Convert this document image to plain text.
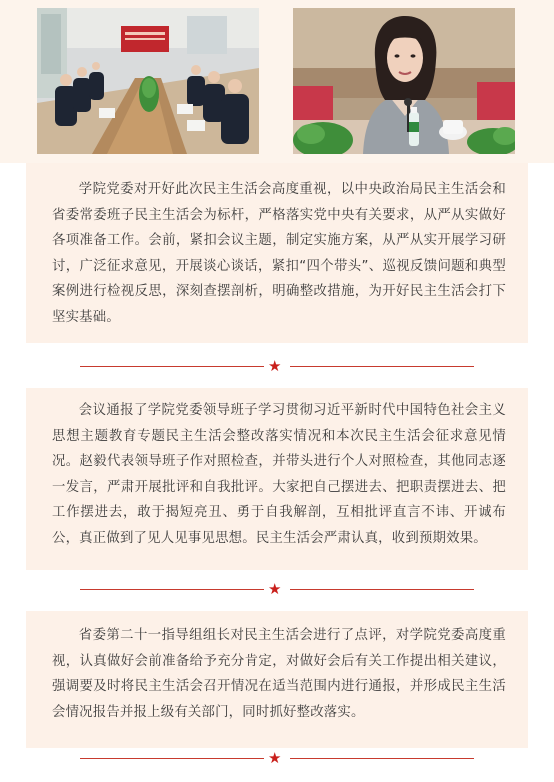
学院党委对开好此次民主生活会高度重视，以中央政治局民主生活会和省委常委班子民主生活会为标杆，严格落实党中央有关要求，从严从实做好各项准备工作。会前，紧扣会议主题，制定实施方案，从严从实开展学习研讨，广泛征求意见，开展谈心谈话，紧扣“四个带头”、巡视反馈问题和典型案例进行检视反思，深刻查摆剖析，明确整改措施，为开好民主生活会打下坚实基础。

★

会议通报了学院党委领导班子学习贯彻习近平新时代中国特色社会主义思想主题教育专题民主生活会整改落实情况和本次民主生活会征求意见情况。赵毅代表领导班子作对照检查，并带头进行个人对照检查，其他同志逐一发言，严肃开展批评和自我批评。大家把自己摆进去、把职责摆进去、把工作摆进去，敢于揭短亮丑、勇于自我解剖，互相批评直言不讳、开诚布公，真正做到了见人见事见思想。民主生活会严肃认真，收到预期效果。

★

省委第二十一指导组组长对民主生活会进行了点评，对学院党委高度重视，认真做好会前准备给予充分肯定，对做好会后有关工作提出相关建议，强调要及时将民主生活会召开情况在适当范围内进行通报，并形成民主生活会情况报告并报上级有关部门，同时抓好整改落实。

★
